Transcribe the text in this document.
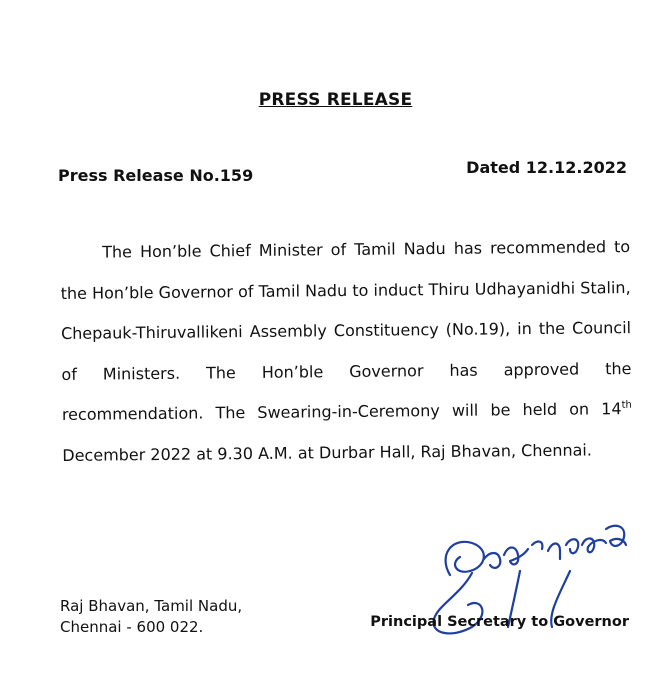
PRESS RELEASE
Press Release No.159	Dated 12.12.2022
The Hon’ble Chief Minister of Tamil Nadu has recommended to the Hon’ble Governor of Tamil Nadu to induct Thiru Udhayanidhi Stalin, Chepauk-Thiruvallikeni Assembly Constituency (No.19), in the Council of Ministers. The Hon’ble Governor has approved the recommendation. The Swearing-in-Ceremony will be held on 14th December 2022 at 9.30 A.M. at Durbar Hall, Raj Bhavan, Chennai.
Raj Bhavan, Tamil Nadu,
Chennai - 600 022.	Principal Secretary to Governor
